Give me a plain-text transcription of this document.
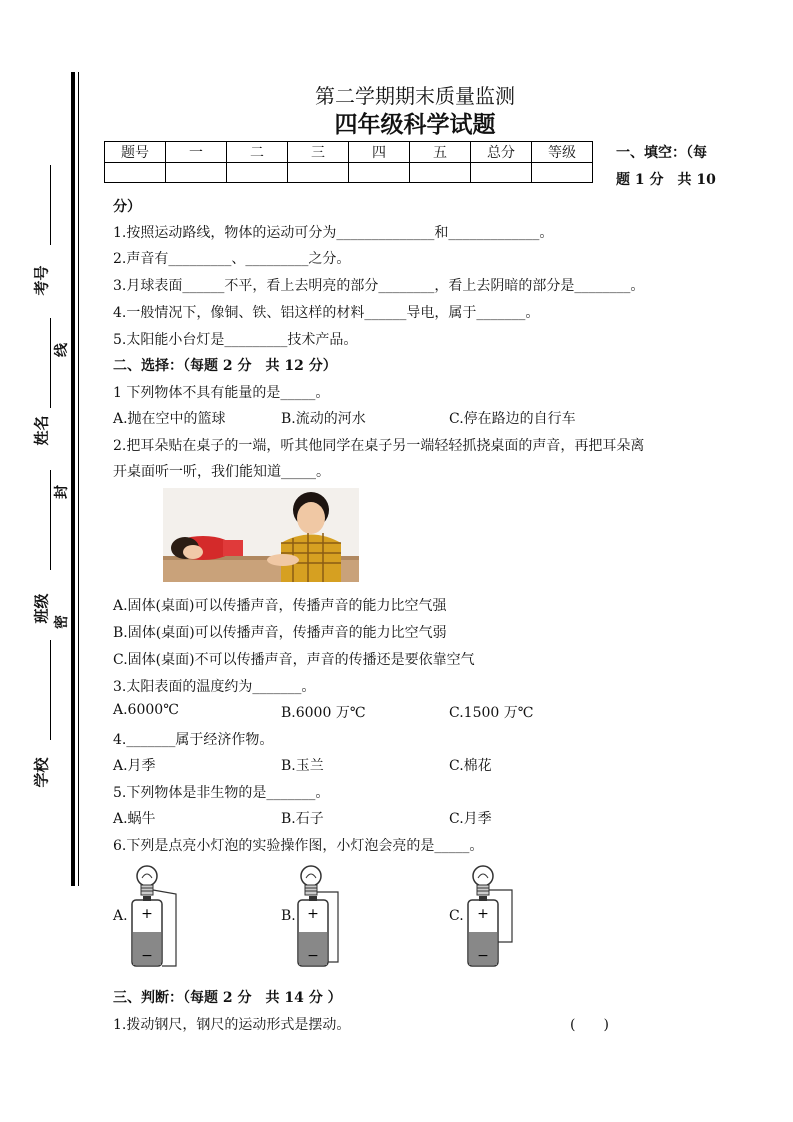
考号
姓名
班级
学校
线
封
密
第二学期期末质量监测
四年级科学试题
题号	一	二	三	四	五	总分	等级
								一、填空：（每
题 1 分　共 10
分）
1.按照运动路线，物体的运动可分为______________和_____________。
2.声音有_________、_________之分。
3.月球表面______不平，看上去明亮的部分________，看上去阴暗的部分是________。
4.一般情况下，像铜、铁、铝这样的材料______导电，属于_______。
5.太阳能小台灯是_________技术产品。
二、选择：（每题 2 分　共 12 分）
1 下列物体不具有能量的是_____。
A.抛在空中的篮球	B.流动的河水	C.停在路边的自行车
2.把耳朵贴在桌子的一端，听其他同学在桌子另一端轻轻抓挠桌面的声音，再把耳朵离
开桌面听一听，我们能知道_____。
A.固体(桌面)可以传播声音，传播声音的能力比空气强
B.固体(桌面)可以传播声音，传播声音的能力比空气弱
C.固体(桌面)不可以传播声音，声音的传播还是要依靠空气
3.太阳表面的温度约为_______。
A.6000℃	B.6000 万℃	C.1500 万℃
4._______属于经济作物。
A.月季	B.玉兰	C.棉花
5.下列物体是非生物的是_______。
A.蜗牛	B.石子	C.月季
6.下列是点亮小灯泡的实验操作图，小灯泡会亮的是_____。
A.	B.	C.
+
−
+
−
+
−
三、判断：（每题 2 分　共 14 分 ）
1.拨动钢尺，钢尺的运动形式是摆动。	(　　)
